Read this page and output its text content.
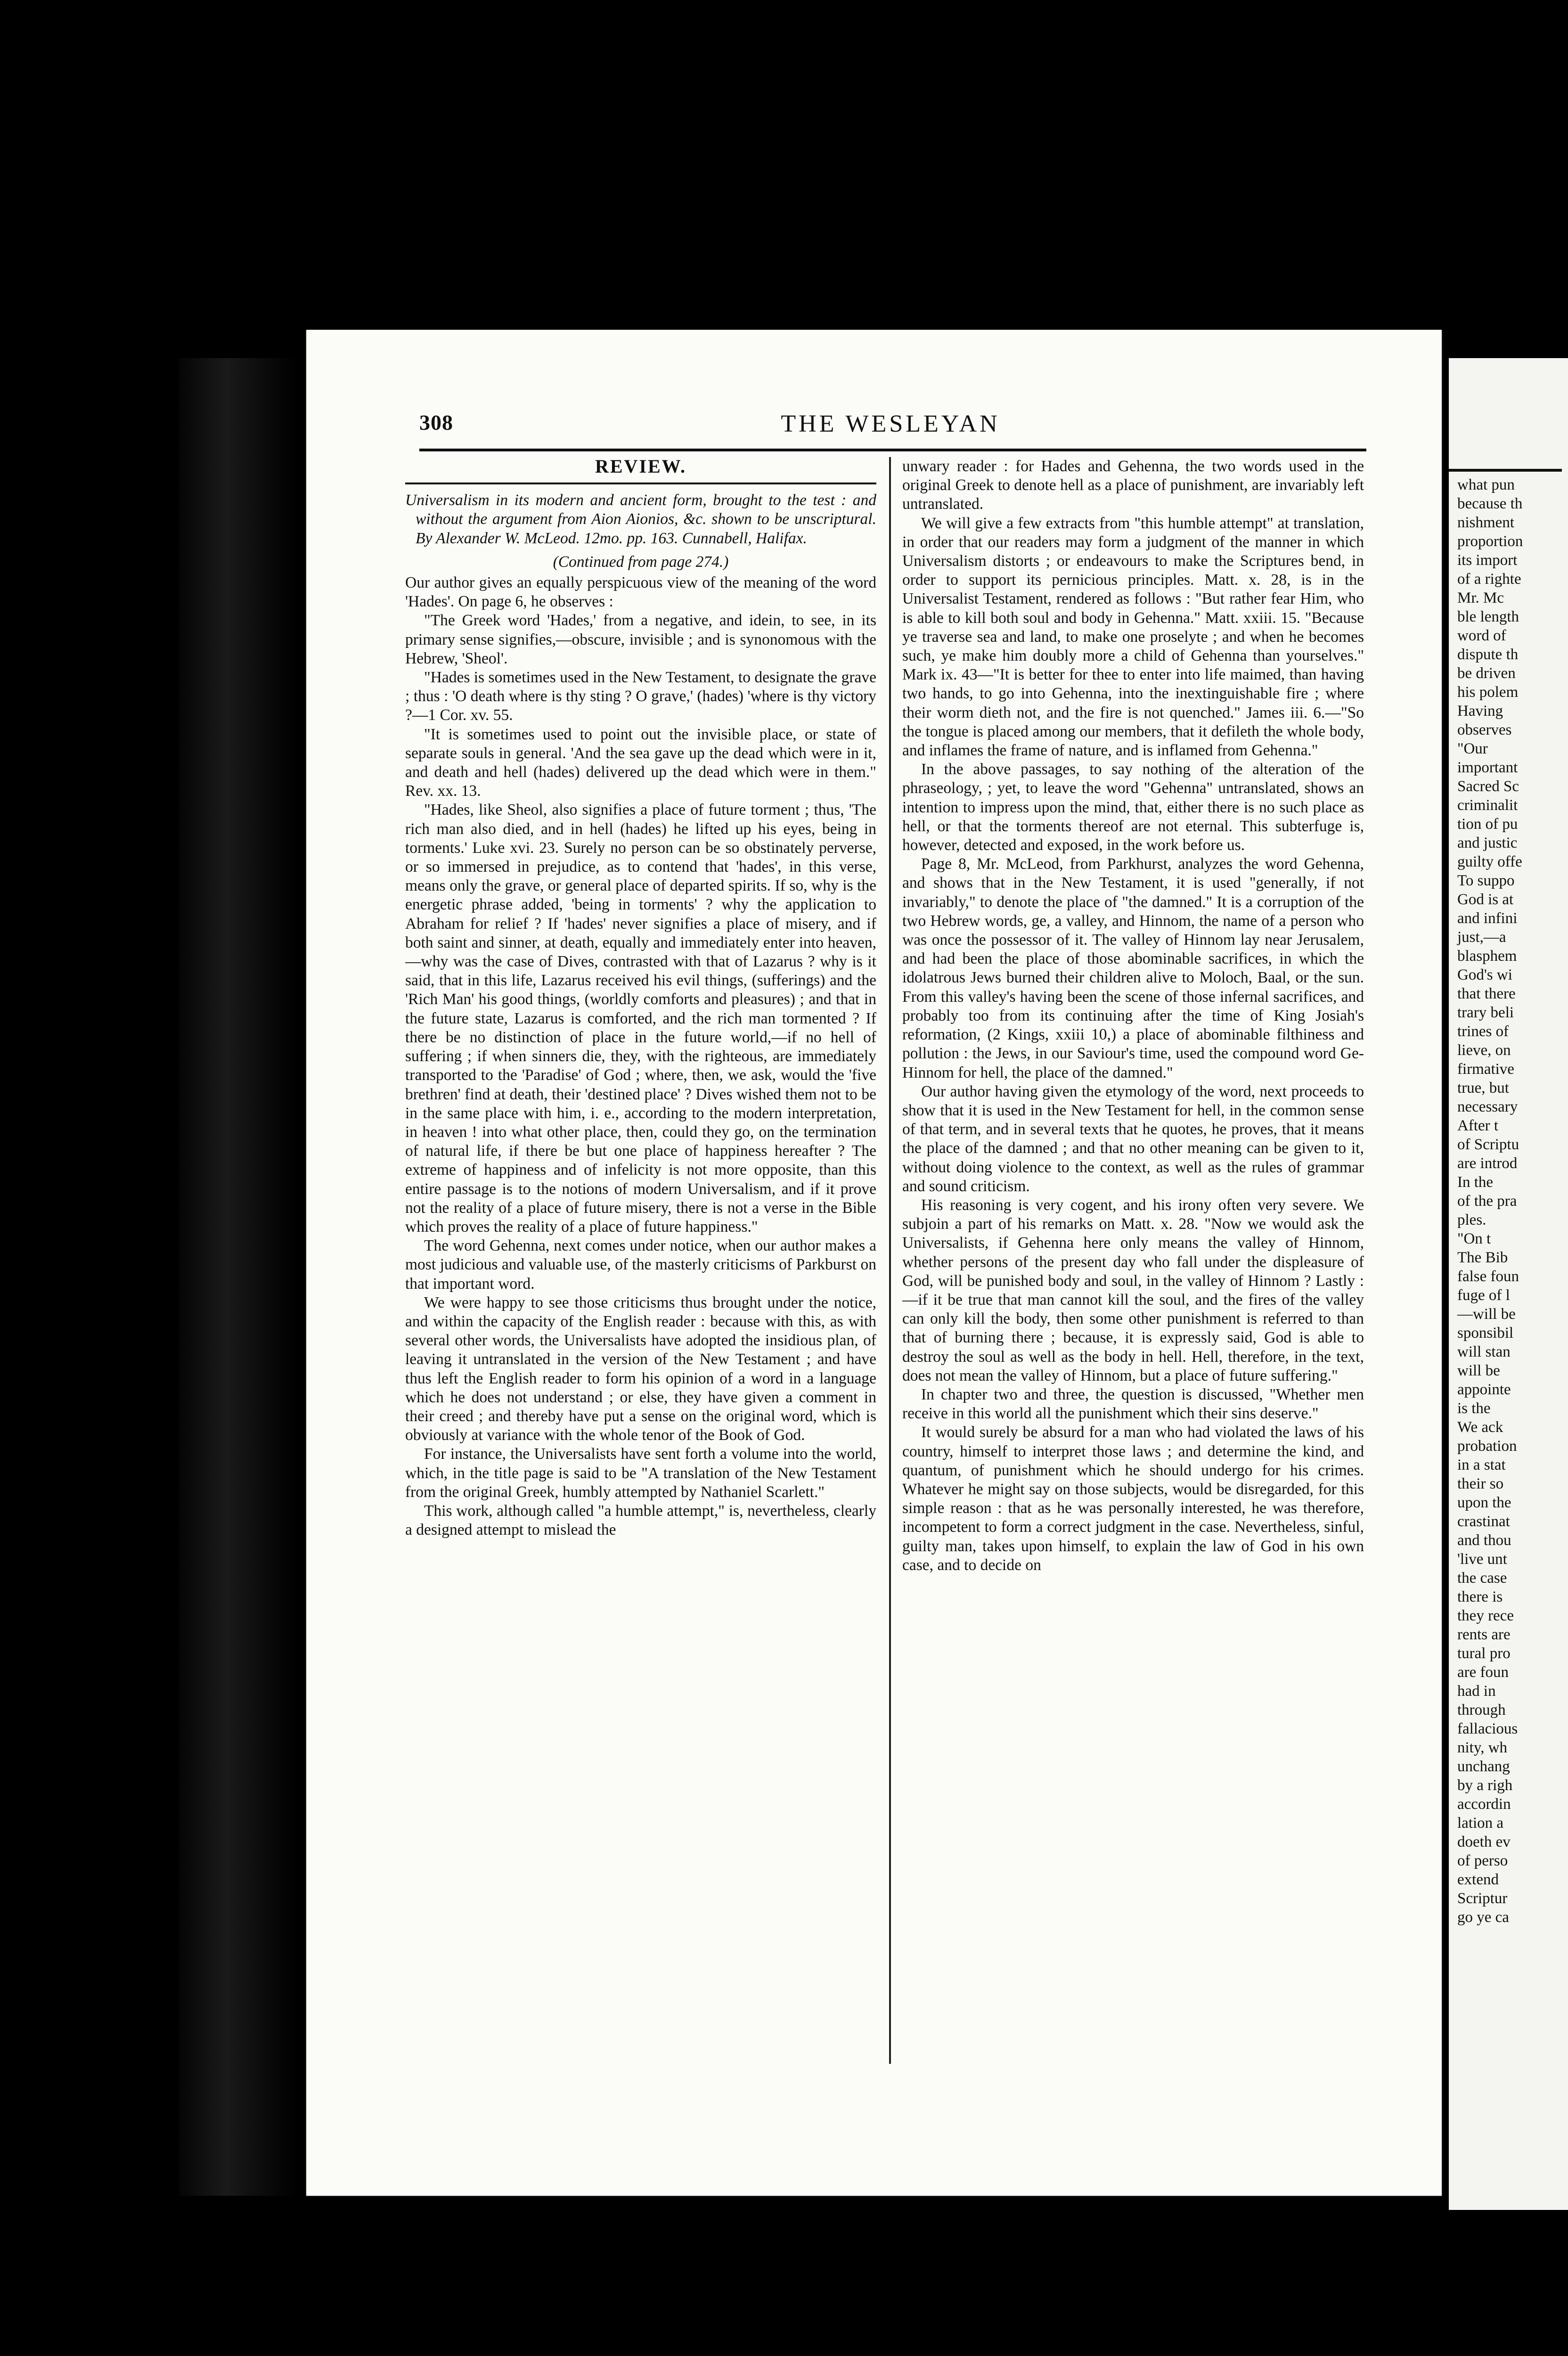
308	THE WESLEYAN
REVIEW.
Universalism in its modern and ancient form, brought to the test : and without the argument from Aion Aionios, &c. shown to be unscriptural. By Alexander W. McLeod. 12mo. pp. 163. Cunnabell, Halifax.
(Continued from page 274.)

Our author gives an equally perspicuous view of the meaning of the word 'Hades'. On page 6, he observes :

"The Greek word 'Hades,' from a negative, and idein, to see, in its primary sense signifies,—obscure, invisible ; and is synonomous with the Hebrew, 'Sheol'.

"Hades is sometimes used in the New Testament, to designate the grave ; thus : 'O death where is thy sting ? O grave,' (hades) 'where is thy victory ?—1 Cor. xv. 55.

"It is sometimes used to point out the invisible place, or state of separate souls in general. 'And the sea gave up the dead which were in it, and death and hell (hades) delivered up the dead which were in them." Rev. xx. 13.

"Hades, like Sheol, also signifies a place of future torment ; thus, 'The rich man also died, and in hell (hades) he lifted up his eyes, being in torments.' Luke xvi. 23. Surely no person can be so obstinately perverse, or so immersed in prejudice, as to contend that 'hades', in this verse, means only the grave, or general place of departed spirits. If so, why is the energetic phrase added, 'being in torments' ? why the application to Abraham for relief ? If 'hades' never signifies a place of misery, and if both saint and sinner, at death, equally and immediately enter into heaven,—why was the case of Dives, contrasted with that of Lazarus ? why is it said, that in this life, Lazarus received his evil things, (sufferings) and the 'Rich Man' his good things, (worldly comforts and pleasures) ; and that in the future state, Lazarus is comforted, and the rich man tormented ? If there be no distinction of place in the future world,—if no hell of suffering ; if when sinners die, they, with the righteous, are immediately transported to the 'Paradise' of God ; where, then, we ask, would the 'five brethren' find at death, their 'destined place' ? Dives wished them not to be in the same place with him, i. e., according to the modern interpretation, in heaven ! into what other place, then, could they go, on the termination of natural life, if there be but one place of happiness hereafter ? The extreme of happiness and of infelicity is not more opposite, than this entire passage is to the notions of modern Universalism, and if it prove not the reality of a place of future misery, there is not a verse in the Bible which proves the reality of a place of future happiness."

The word Gehenna, next comes under notice, when our author makes a most judicious and valuable use, of the masterly criticisms of Parkburst on that important word.

We were happy to see those criticisms thus brought under the notice, and within the capacity of the English reader : because with this, as with several other words, the Universalists have adopted the insidious plan, of leaving it untranslated in the version of the New Testament ; and have thus left the English reader to form his opinion of a word in a language which he does not understand ; or else, they have given a comment in their creed ; and thereby have put a sense on the original word, which is obviously at variance with the whole tenor of the Book of God.

For instance, the Universalists have sent forth a volume into the world, which, in the title page is said to be "A translation of the New Testament from the original Greek, humbly attempted by Nathaniel Scarlett."

This work, although called "a humble attempt," is, nevertheless, clearly a designed attempt to mislead the

unwary reader : for Hades and Gehenna, the two words used in the original Greek to denote hell as a place of punishment, are invariably left untranslated.

We will give a few extracts from "this humble attempt" at translation, in order that our readers may form a judgment of the manner in which Universalism distorts ; or endeavours to make the Scriptures bend, in order to support its pernicious principles. Matt. x. 28, is in the Universalist Testament, rendered as follows : "But rather fear Him, who is able to kill both soul and body in Gehenna." Matt. xxiii. 15. "Because ye traverse sea and land, to make one proselyte ; and when he becomes such, ye make him doubly more a child of Gehenna than yourselves." Mark ix. 43—"It is better for thee to enter into life maimed, than having two hands, to go into Gehenna, into the inextinguishable fire ; where their worm dieth not, and the fire is not quenched." James iii. 6.—"So the tongue is placed among our members, that it defileth the whole body, and inflames the frame of nature, and is inflamed from Gehenna."

In the above passages, to say nothing of the alteration of the phraseology, ; yet, to leave the word "Gehenna" untranslated, shows an intention to impress upon the mind, that, either there is no such place as hell, or that the torments thereof are not eternal. This subterfuge is, however, detected and exposed, in the work before us.

Page 8, Mr. McLeod, from Parkhurst, analyzes the word Gehenna, and shows that in the New Testament, it is used "generally, if not invariably," to denote the place of "the damned." It is a corruption of the two Hebrew words, ge, a valley, and Hinnom, the name of a person who was once the possessor of it. The valley of Hinnom lay near Jerusalem, and had been the place of those abominable sacrifices, in which the idolatrous Jews burned their children alive to Moloch, Baal, or the sun. From this valley's having been the scene of those infernal sacrifices, and probably too from its continuing after the time of King Josiah's reformation, (2 Kings, xxiii 10,) a place of abominable filthiness and pollution : the Jews, in our Saviour's time, used the compound word Ge-Hinnom for hell, the place of the damned."

Our author having given the etymology of the word, next proceeds to show that it is used in the New Testament for hell, in the common sense of that term, and in several texts that he quotes, he proves, that it means the place of the damned ; and that no other meaning can be given to it, without doing violence to the context, as well as the rules of grammar and sound criticism.

His reasoning is very cogent, and his irony often very severe. We subjoin a part of his remarks on Matt. x. 28. "Now we would ask the Universalists, if Gehenna here only means the valley of Hinnom, whether persons of the present day who fall under the displeasure of God, will be punished body and soul, in the valley of Hinnom ? Lastly :—if it be true that man cannot kill the soul, and the fires of the valley can only kill the body, then some other punishment is referred to than that of burning there ; because, it is expressly said, God is able to destroy the soul as well as the body in hell. Hell, therefore, in the text, does not mean the valley of Hinnom, but a place of future suffering."

In chapter two and three, the question is discussed, "Whether men receive in this world all the punishment which their sins deserve."

It would surely be absurd for a man who had violated the laws of his country, himself to interpret those laws ; and determine the kind, and quantum, of punishment which he should undergo for his crimes. Whatever he might say on those subjects, would be disregarded, for this simple reason : that as he was personally interested, he was therefore, incompetent to form a correct judgment in the case. Nevertheless, sinful, guilty man, takes upon himself, to explain the law of God in his own case, and to decide on

what pun
because th
nishment
proportion
its import
of a righte
Mr. Mc
ble length
word of
dispute th
be driven
his polem
Having
observes
"Our
important
Sacred Sc
criminalit
tion of pu
and justic
guilty offe
To suppo
God is at
and infini
just,—a
blasphem
God's wi
that there
trary beli
trines of
lieve, on
firmative
true, but
necessary
After t
of Scriptu
are introd
In the
of the pra
ples.
"On t
The Bib
false foun
fuge of l
—will be
sponsibil
will stan
will be
appointe
is the
We ack
probation
in a stat
their so
upon the
crastinat
and thou
'live unt
the case
there is
they rece
rents are
tural pro
are foun
had in
through
fallacious
nity, wh
unchang
by a righ
accordin
lation a
doeth ev
of perso
extend
Scriptur
go ye ca
